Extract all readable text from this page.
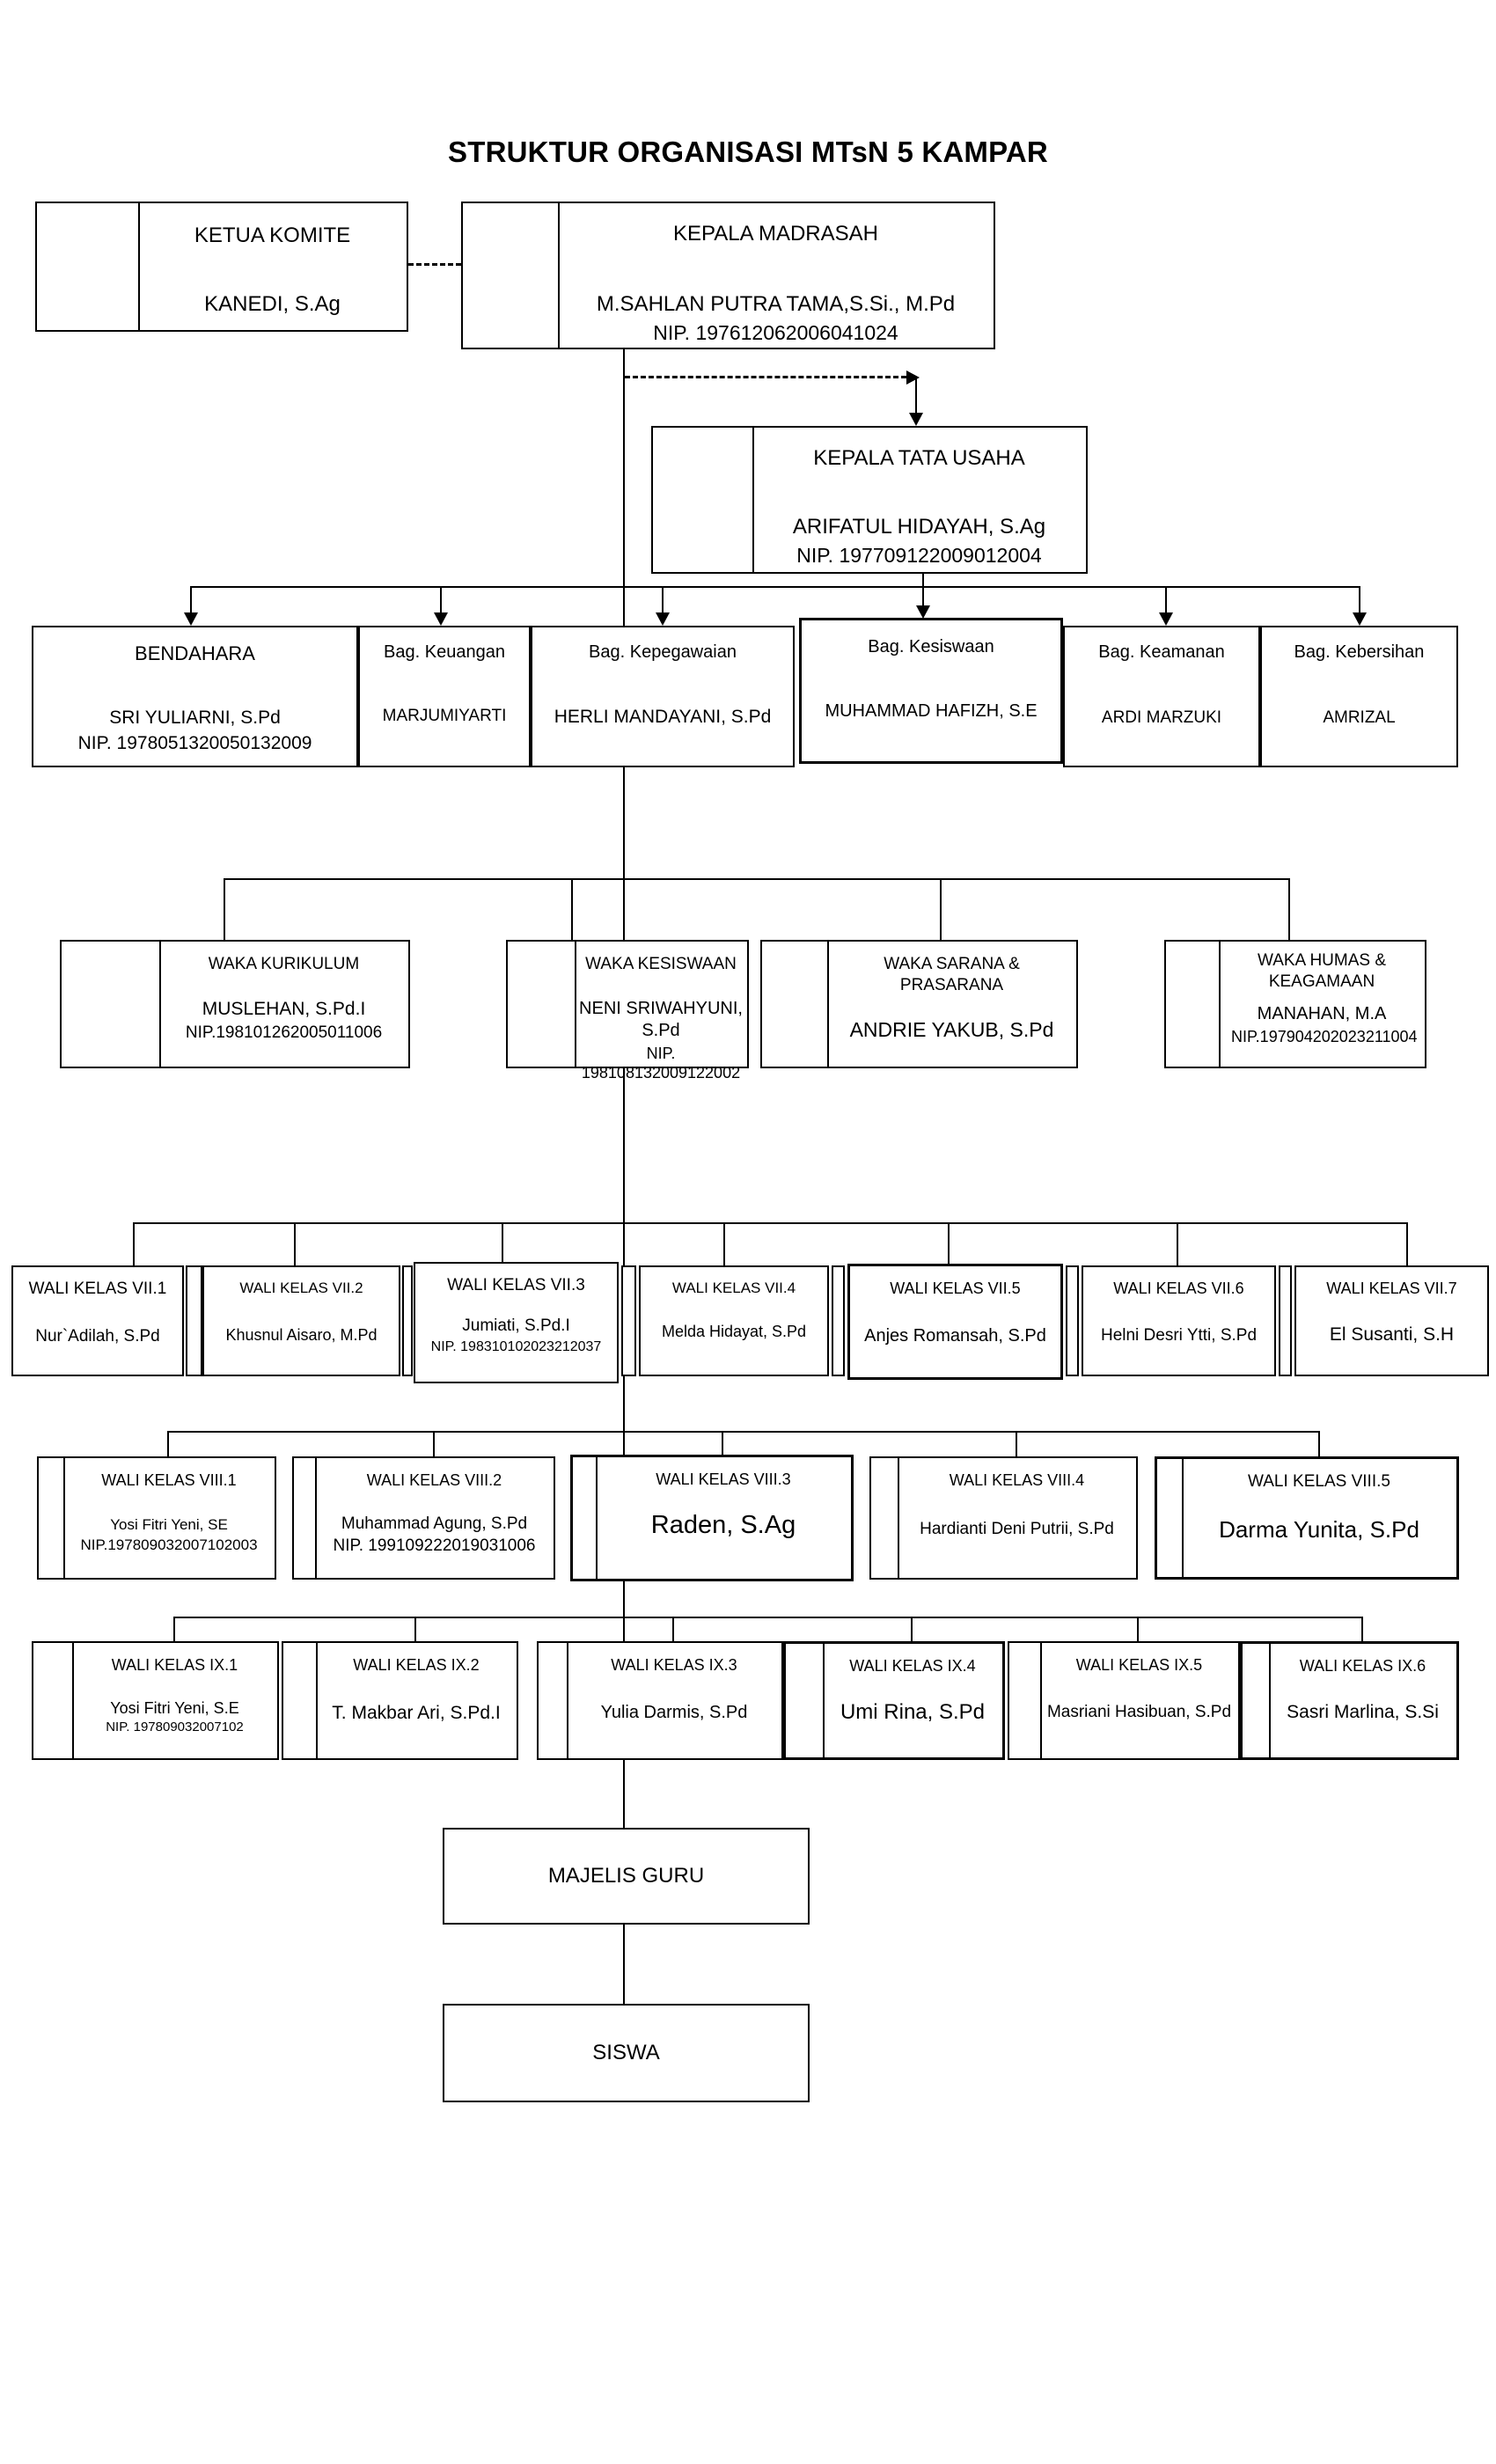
STRUKTUR ORGANISASI MTsN 5 KAMPAR
KETUA KOMITE
KANEDI, S.Ag
KEPALA MADRASAH
M.SAHLAN PUTRA TAMA,S.Si., M.Pd
NIP. 197612062006041024
KEPALA TATA USAHA
ARIFATUL HIDAYAH, S.Ag
NIP. 197709122009012004
BENDAHARA
SRI YULIARNI, S.Pd
NIP. 1978051320050132009
Bag. Keuangan
MARJUMIYARTI
Bag. Kepegawaian
HERLI MANDAYANI, S.Pd
Bag. Kesiswaan
MUHAMMAD HAFIZH, S.E
Bag. Keamanan
ARDI MARZUKI
Bag. Kebersihan
AMRIZAL
WAKA KURIKULUM
MUSLEHAN, S.Pd.I
NIP.198101262005011006
WAKA KESISWAAN
NENI SRIWAHYUNI, S.Pd
NIP. 198108132009122002
WAKA SARANA & PRASARANA
ANDRIE YAKUB, S.Pd
WAKA HUMAS & KEAGAMAAN
MANAHAN, M.A
NIP.197904202023211004
WALI KELAS VII.1
Nur`Adilah, S.Pd
WALI KELAS VII.2
Khusnul Aisaro, M.Pd
WALI KELAS VII.3
Jumiati, S.Pd.I
NIP. 198310102023212037
WALI KELAS VII.4
Melda Hidayat, S.Pd
WALI KELAS VII.5
Anjes Romansah, S.Pd
WALI KELAS VII.6
Helni Desri Ytti, S.Pd
WALI KELAS VII.7
El Susanti, S.H
WALI KELAS VIII.1
Yosi Fitri Yeni, SE
NIP.197809032007102003
WALI KELAS VIII.2
Muhammad Agung, S.Pd
NIP. 199109222019031006
WALI KELAS VIII.3
Raden, S.Ag
WALI KELAS VIII.4
Hardianti Deni Putrii, S.Pd
WALI KELAS VIII.5
Darma Yunita, S.Pd
WALI KELAS IX.1
Yosi Fitri Yeni, S.E
NIP. 197809032007102
WALI KELAS IX.2
T. Makbar Ari, S.Pd.I
WALI KELAS IX.3
Yulia Darmis, S.Pd
WALI KELAS IX.4
Umi Rina, S.Pd
WALI KELAS IX.5
Masriani Hasibuan, S.Pd
WALI KELAS IX.6
Sasri Marlina, S.Si
MAJELIS GURU
SISWA
